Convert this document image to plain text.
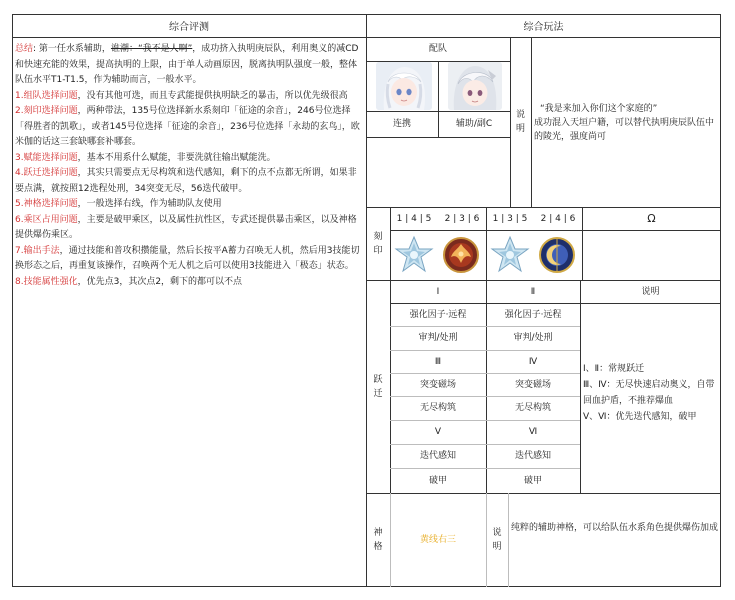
综合评测
总结: 第一任水系辅助，谁潮：“我不是人啊”，成功挤入执明庚辰队，利用奥义的减CD和快速充能的效果，提高执明的上限，由于单人动画原因，脱离执明队强度一般，整体队伍水平T1-T1.5，作为辅助而言，一般水平。
1.组队选择问题，没有其他可选，而且专武能提供执明缺乏的暴击，所以优先级很高
2.刻印选择问题，两种带法，135号位选择新水系刻印「征途的余音」，246号位选择「得胜者的凯歌」，或者145号位选择「征途的余音」，236号位选择「永劫的玄鸟」，欧米伽的话这三套缺哪套补哪套。
3.赋能选择问题，基本不用系什么赋能，非要洗就往输出赋能洗。
4.跃迁选择问题，其实只需要点无尽构筑和迭代感知，剩下的点不点都无所谓，如果非要点满，就按照12选程处刑，34突变无尽，56迭代破甲。
5.神格选择问题，一般选择右线，作为辅助队友使用
6.乘区占用问题，主要是破甲乘区，以及属性抗性区，专武还提供暴击乘区，以及神格提供爆伤乘区。
7.输出手法，通过技能和普攻积攒能量，然后长按平A蓄力召唤无人机，然后用3技能切换形态之后，再重复该操作，召唤两个无人机之后可以使用3技能进入「极态」状态。
8.技能属性强化，优先点3，其次点2，剩下的都可以不点
综合玩法
配队
连携	辅助/副C
说
明
“我是来加入你们这个家庭的”
成功混入天垣户籍，可以替代执明庚辰队伍中的陵光，强度尚可
刻
印
1 | 4 | 5	2 | 3 | 6	1 | 3 | 5	2 | 4 | 6	Ω
跃
迁
Ⅰ	Ⅱ	说明
强化因子·远程	强化因子·远程
审判/处刑	审判/处刑
Ⅲ	Ⅳ
突变磁场	突变磁场
无尽构筑	无尽构筑
Ⅴ	Ⅵ
迭代感知	迭代感知
破甲	破甲
Ⅰ、Ⅱ：常规跃迁
Ⅲ、Ⅳ：无尽快速启动奥义，自带回血护盾，不推荐爆血
Ⅴ、Ⅵ：优先迭代感知，破甲
神
格
黄线右三
说
明
纯粹的辅助神格，可以给队伍水系角色提供爆伤加成
